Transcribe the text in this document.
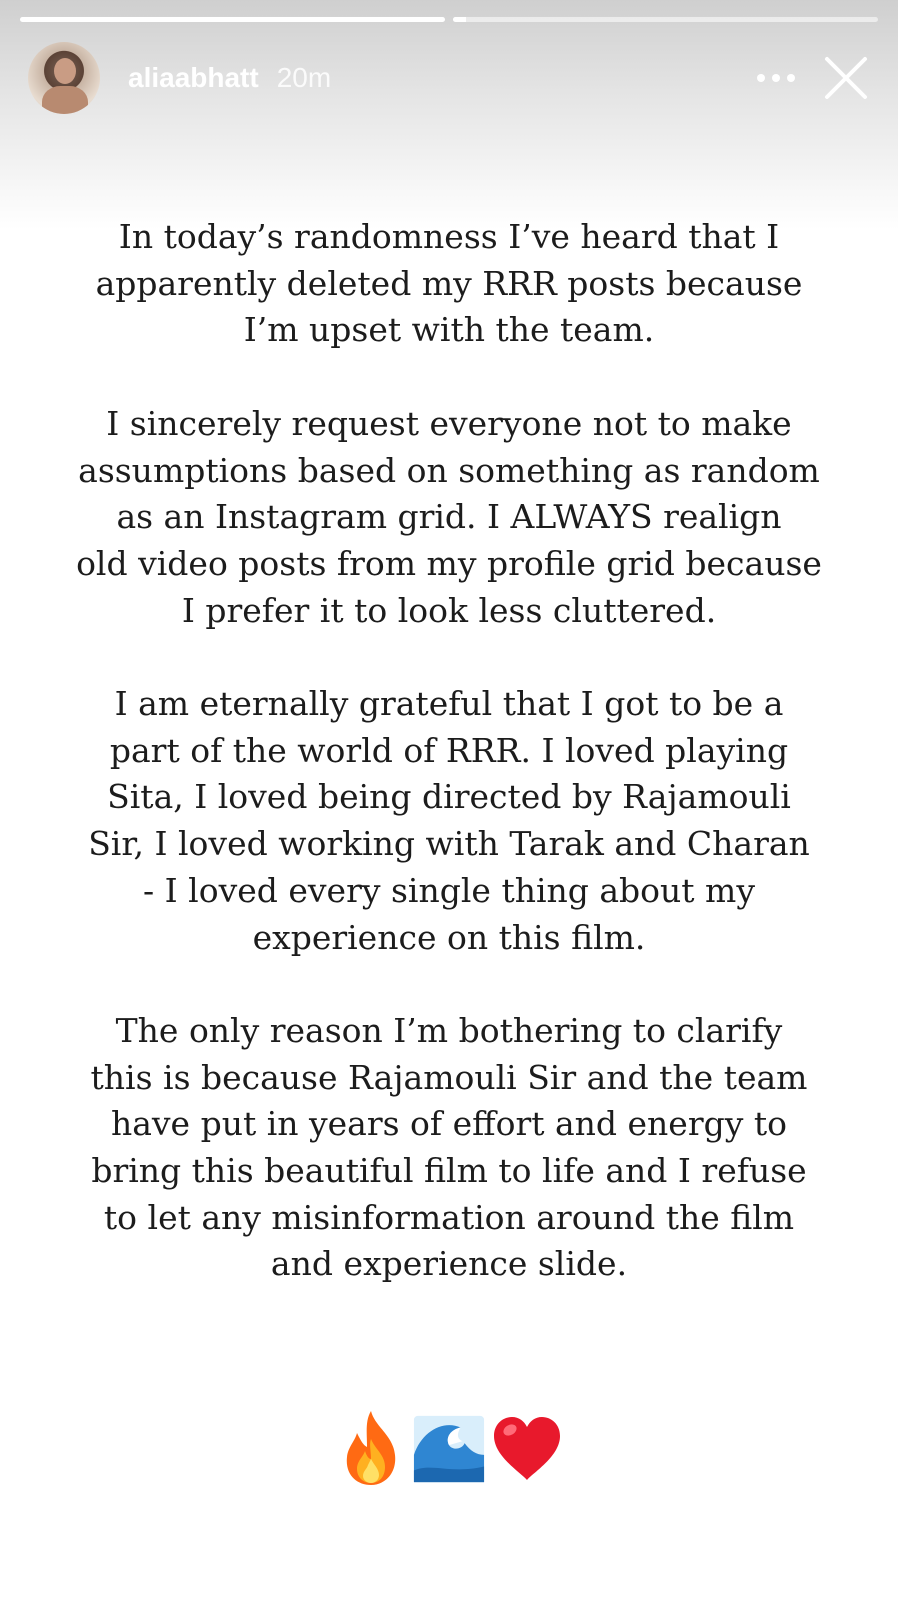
aliaabhatt 20m
In today’s randomness I’ve heard that I
apparently deleted my RRR posts because
I’m upset with the team.
I sincerely request everyone not to make
assumptions based on something as random
as an Instagram grid. I ALWAYS realign
old video posts from my profile grid because
I prefer it to look less cluttered.
I am eternally grateful that I got to be a
part of the world of RRR. I loved playing
Sita, I loved being directed by Rajamouli
Sir, I loved working with Tarak and Charan
- I loved every single thing about my
experience on this film.
The only reason I’m bothering to clarify
this is because Rajamouli Sir and the team
have put in years of effort and energy to
bring this beautiful film to life and I refuse
to let any misinformation around the film
and experience slide.
